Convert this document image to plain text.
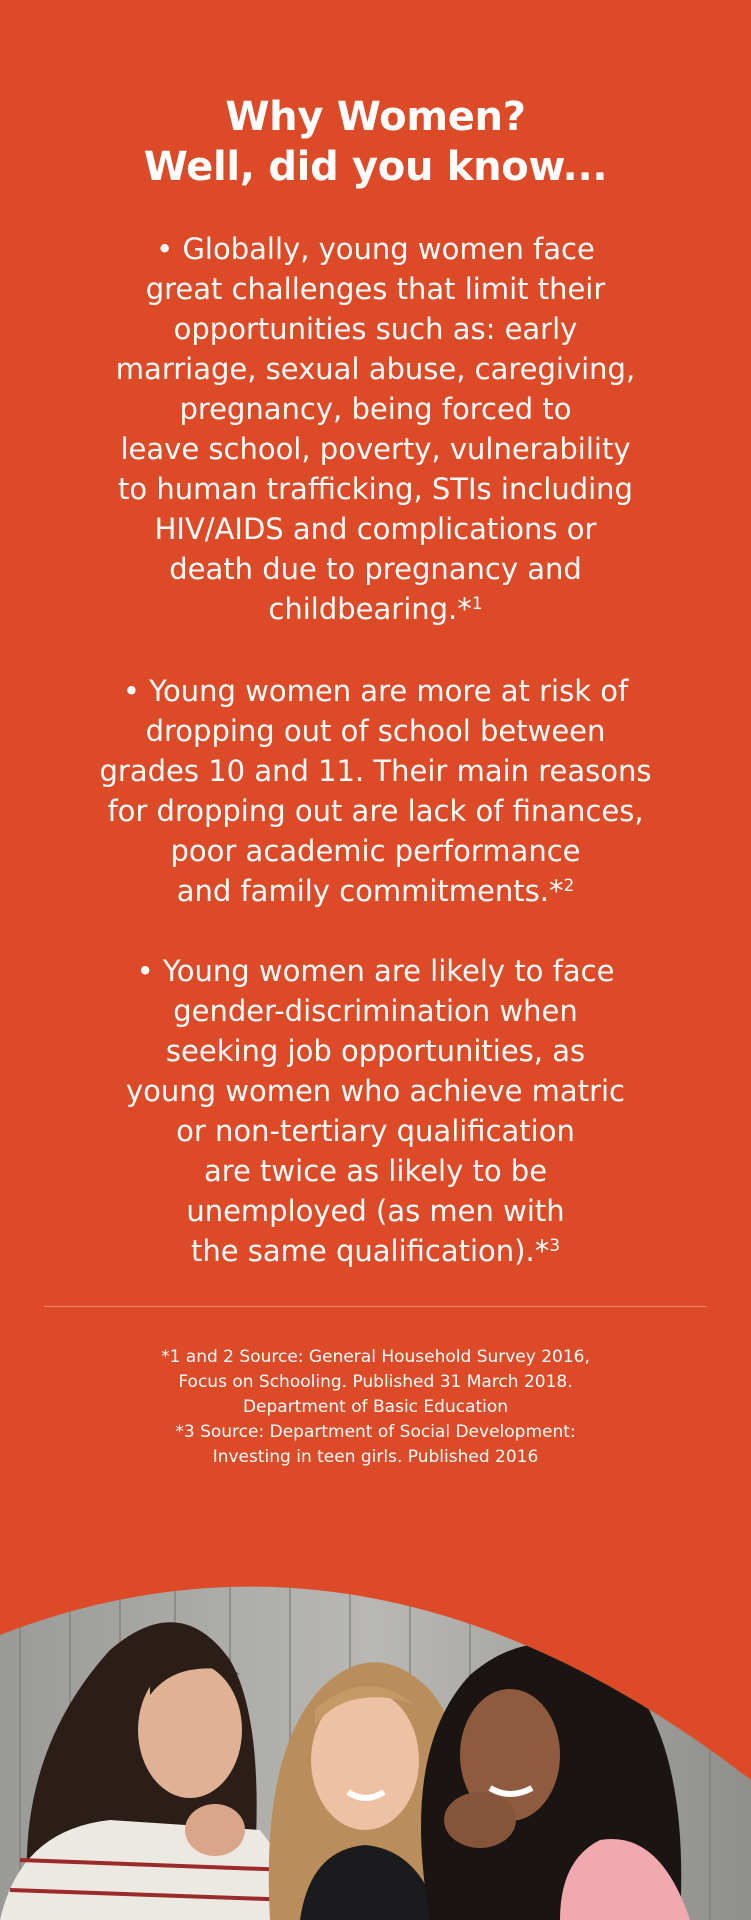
Why Women?
Well, did you know...
• Globally, young women face
great challenges that limit their
opportunities such as: early
marriage, sexual abuse, caregiving,
pregnancy, being forced to
leave school, poverty, vulnerability
to human trafficking, STIs including
HIV/AIDS and complications or
death due to pregnancy and
childbearing.*$^1$
• Young women are more at risk of
dropping out of school between
grades 10 and 11. Their main reasons
for dropping out are lack of finances,
poor academic performance
and family commitments.*$^2$
• Young women are likely to face
gender-discrimination when
seeking job opportunities, as
young women who achieve matric
or non-tertiary qualification
are twice as likely to be
unemployed (as men with
the same qualification).*$^3$
*1 and 2 Source: General Household Survey 2016,
Focus on Schooling. Published 31 March 2018.
Department of Basic Education
*3 Source: Department of Social Development:
Investing in teen girls. Published 2016
